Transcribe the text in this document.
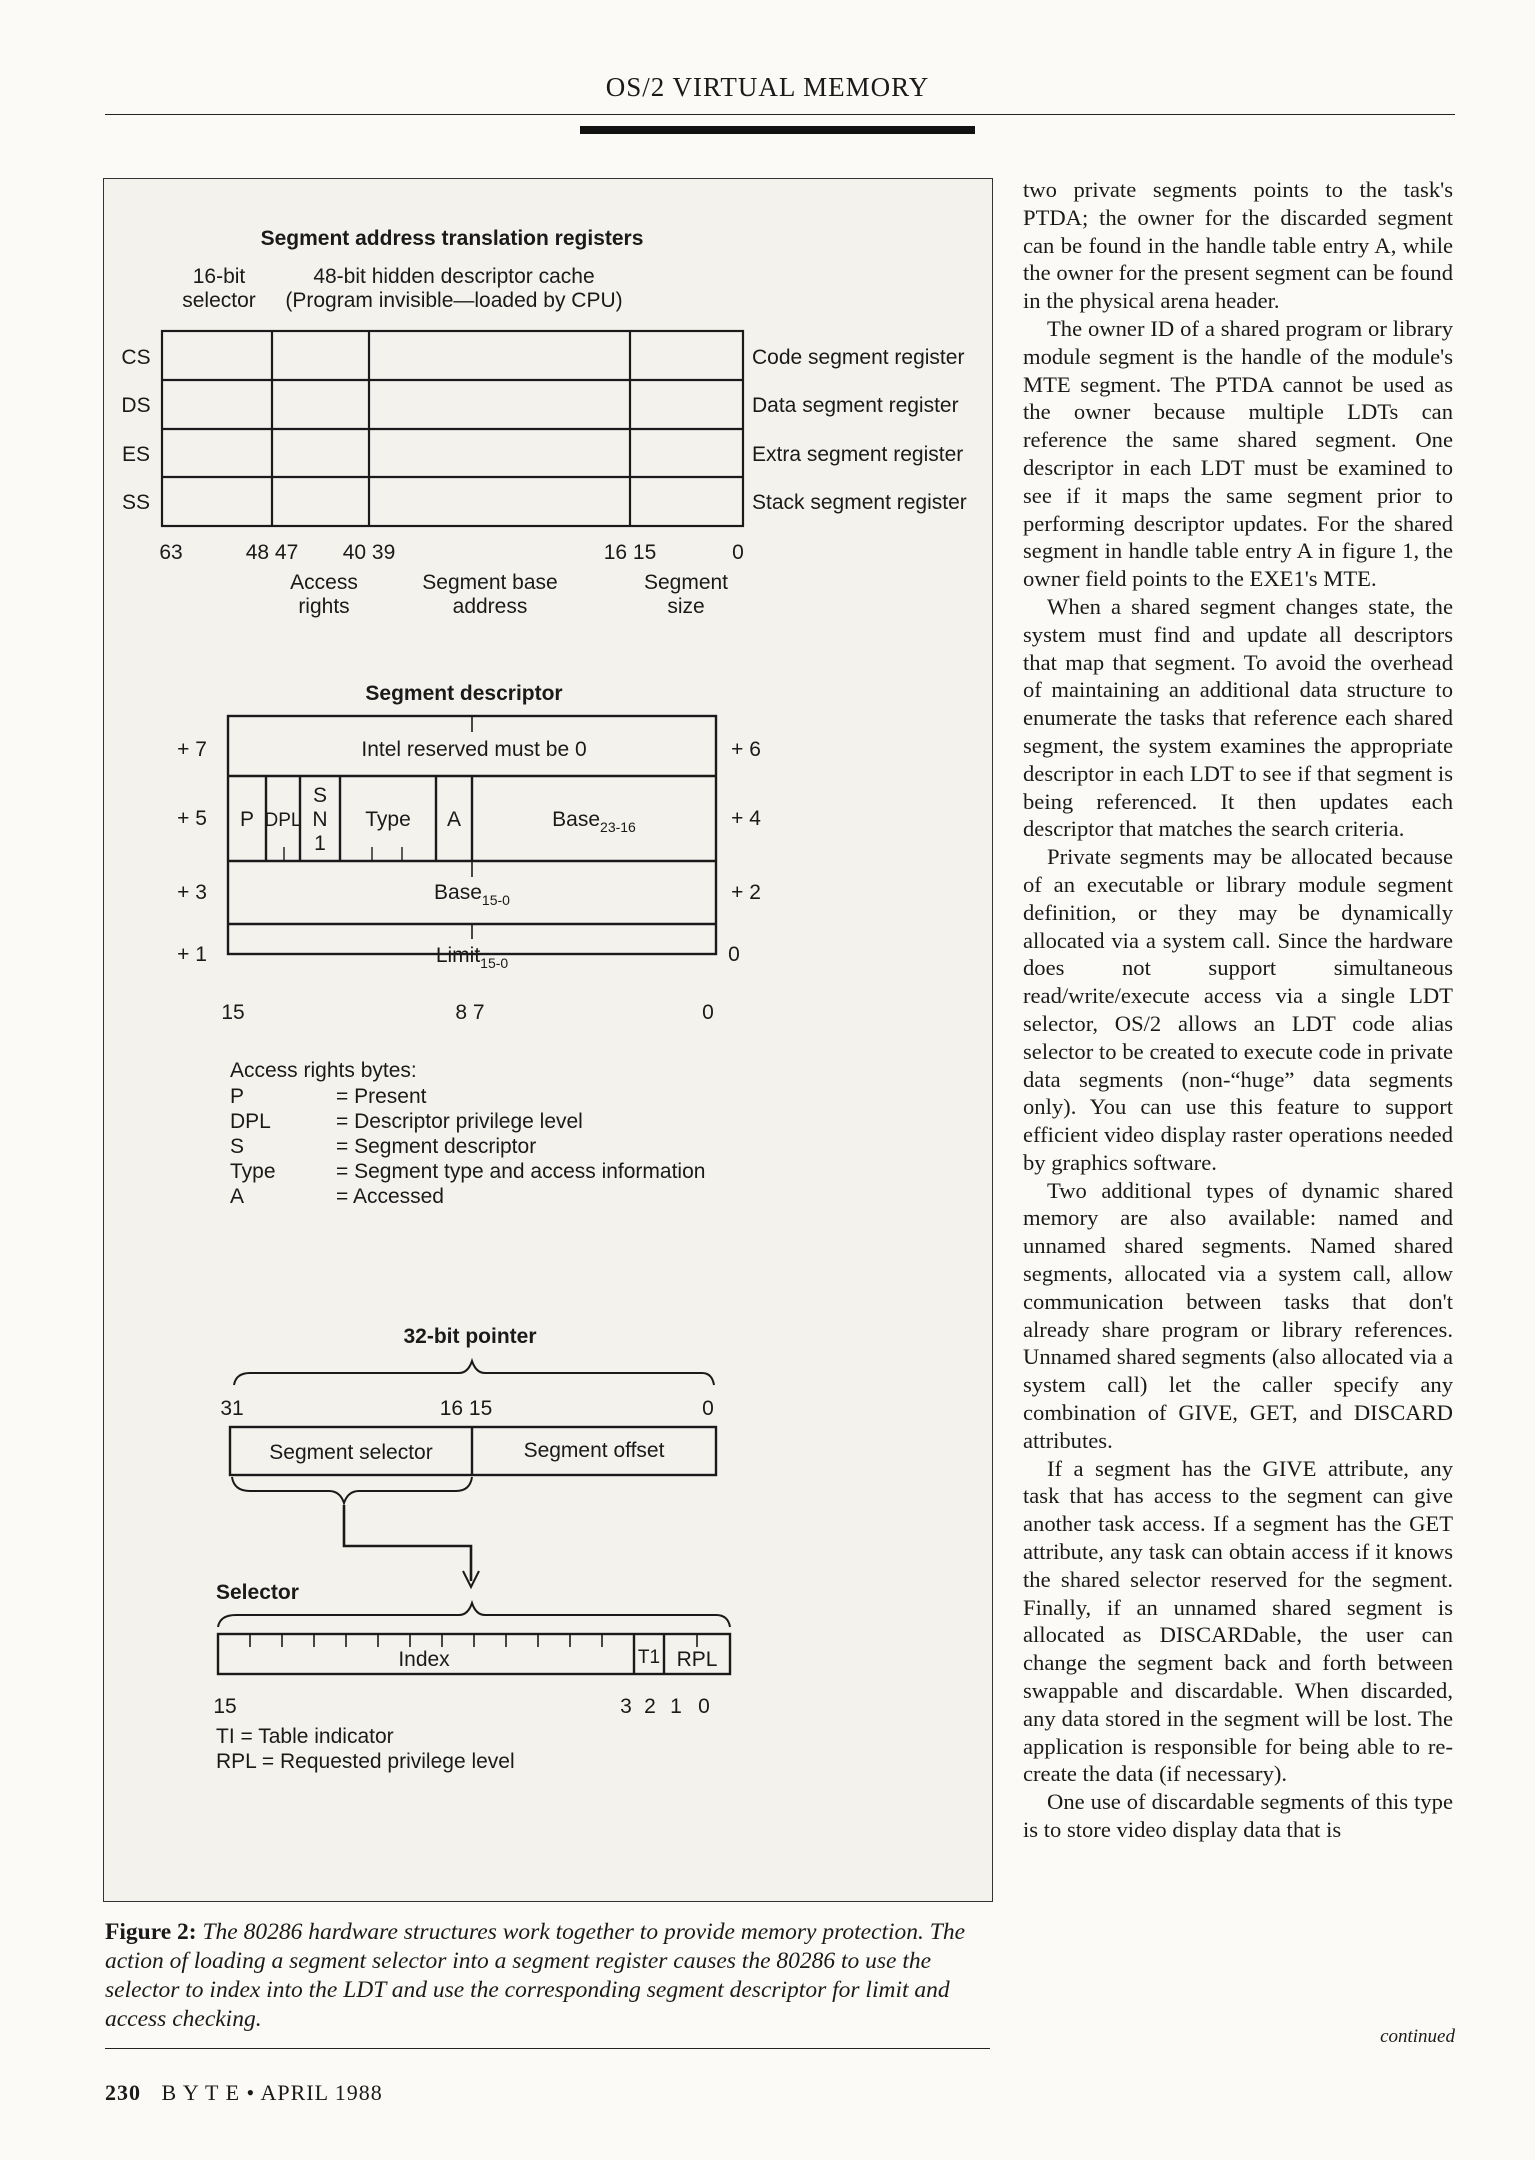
OS/2 VIRTUAL MEMORY
Segment address translation registers
16-bit
selector
48-bit hidden descriptor cache
(Program invisible—loaded by CPU)
CS
DS
ES
SS
Code segment register
Data segment register
Extra segment register
Stack segment register
63	48 47 40 39	16 15	0
Access
rights
Segment base
address
Segment
size
Segment descriptor
+ 7
+ 5
+ 3
+ 1
+ 6
+ 4
+ 2
0
Intel reserved must be 0
P DPL
S
N
1
Type A	Base$_{23-16}$
Base$_{15-0}$
Limit$_{15-0}$
15	8 7	0
Access rights bytes:
P	= Present
DPL	= Descriptor privilege level
S	= Segment descriptor
Type	= Segment type and access information
A	= Accessed
32-bit pointer
31	16 15	0
Segment selector	Segment offset
Selector
Index	T1 RPL
15	3 2 1 0
TI = Table indicator
RPL = Requested privilege level
Figure 2: The 80286 hardware structures work together to provide memory protection. The action of loading a segment selector into a segment register causes the 80286 to use the selector to index into the LDT and use the corresponding segment descriptor for limit and access checking.

two private segments points to the task's PTDA; the owner for the discarded segment can be found in the handle table entry A, while the owner for the present segment can be found in the physical arena header.

The owner ID of a shared program or library module segment is the handle of the module's MTE segment. The PTDA cannot be used as the owner because multiple LDTs can reference the same shared segment. One descriptor in each LDT must be examined to see if it maps the same segment prior to performing descriptor updates. For the shared segment in handle table entry A in figure 1, the owner field points to the EXE1's MTE.

When a shared segment changes state, the system must find and update all descriptors that map that segment. To avoid the overhead of maintaining an additional data structure to enumerate the tasks that reference each shared segment, the system examines the appropriate descriptor in each LDT to see if that segment is being referenced. It then updates each descriptor that matches the search criteria.

Private segments may be allocated because of an executable or library module segment definition, or they may be dynamically allocated via a system call. Since the hardware does not support simultaneous read/write/execute access via a single LDT selector, OS/2 allows an LDT code alias selector to be created to execute code in private data segments (non-“huge” data segments only). You can use this feature to support efficient video display raster operations needed by graphics software.

Two additional types of dynamic shared memory are also available: named and unnamed shared segments. Named shared segments, allocated via a system call, allow communication between tasks that don't already share program or library references. Unnamed shared segments (also allocated via a system call) let the caller specify any combination of GIVE, GET, and DISCARD attributes.

If a segment has the GIVE attribute, any task that has access to the segment can give another task access. If a segment has the GET attribute, any task can obtain access if it knows the shared selector reserved for the segment. Finally, if an unnamed shared segment is allocated as DISCARDable, the user can change the segment back and forth between swappable and discardable. When discarded, any data stored in the segment will be lost. The application is responsible for being able to re-create the data (if necessary).

One use of discardable segments of this type is to store video display data that is

continued
230 B Y T E • APRIL 1988
